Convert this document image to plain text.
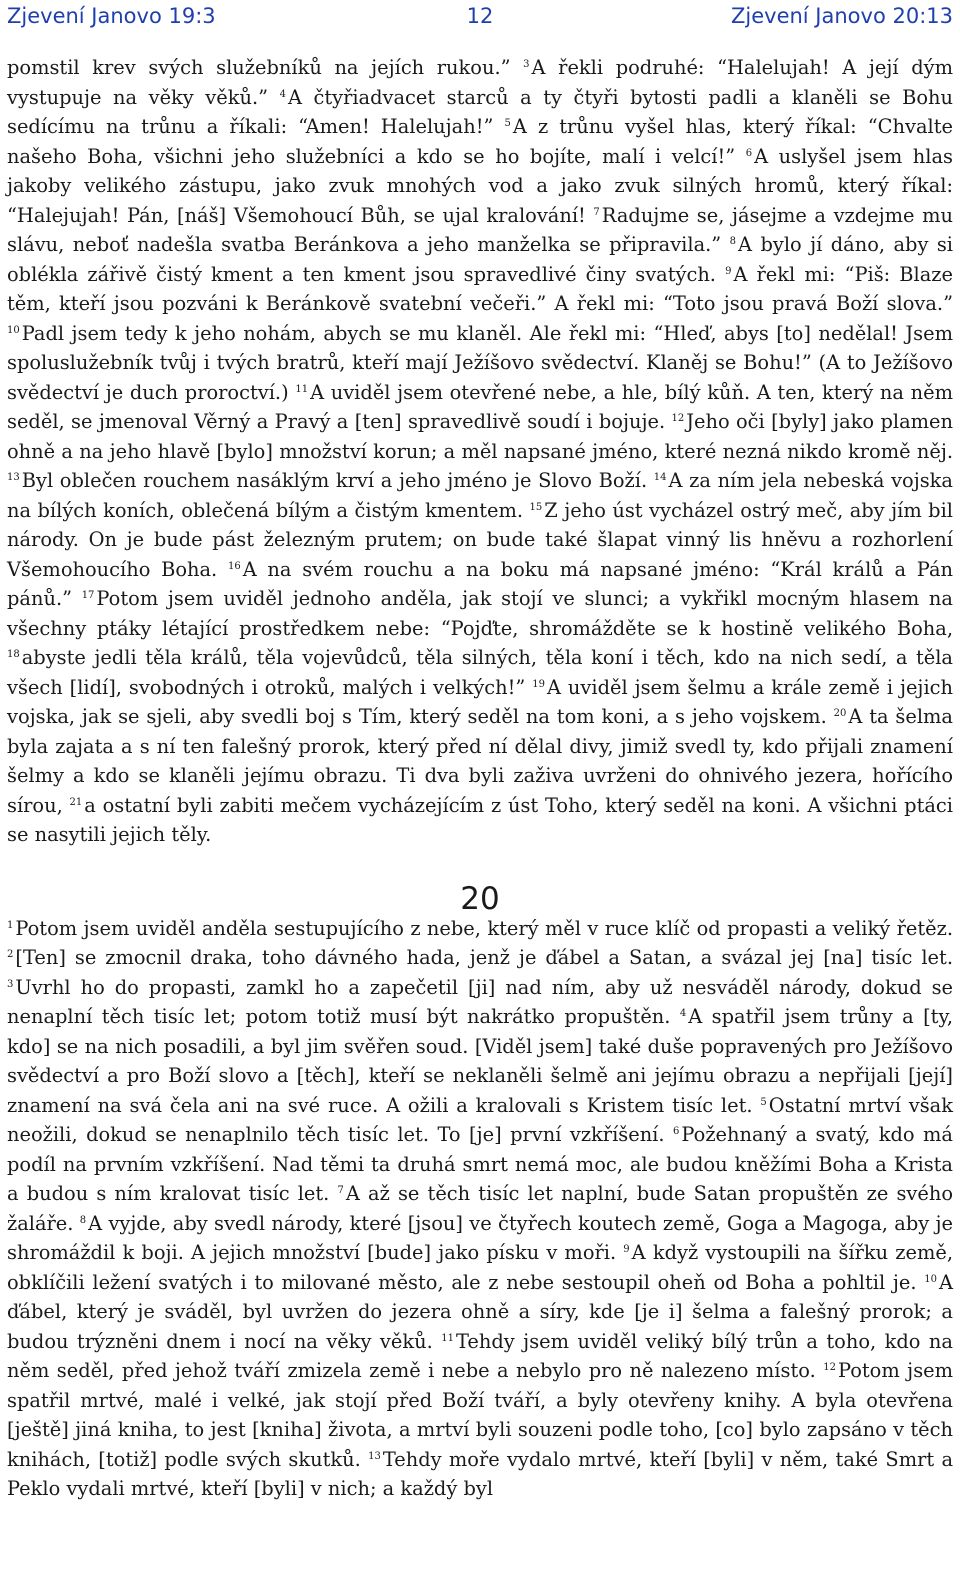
12
Zjevení Janovo 19:3	Zjevení Janovo 20:13
pomstil krev svých služebníků na jejích rukou.” $^3$ A řekli podruhé: “Halelujah! A její dým vystupuje na věky věků.” $^4$ A čtyřiadvacet starců a ty čtyři bytosti padli a klaněli se Bohu sedícímu na trůnu a říkali: “Amen! Halelujah!” $^5$ A z trůnu vyšel hlas, který říkal: “Chvalte našeho Boha, všichni jeho služebníci a kdo se ho bojíte, malí i velcí!” $^6$ A uslyšel jsem hlas jakoby velikého zástupu, jako zvuk mnohých vod a jako zvuk silných hromů, který říkal: “Halejujah! Pán, [náš] Všemohoucí Bůh, se ujal kralování! $^7$ Radujme se, jásejme a vzdejme mu slávu, neboť nadešla svatba Beránkova a jeho manželka se připravila.” $^8$ A bylo jí dáno, aby si oblékla zářivě čistý kment a ten kment jsou spravedlivé činy svatých. $^9$ A řekl mi: “Piš: Blaze těm, kteří jsou pozváni k Beránkově svatební večeři.” A řekl mi: “Toto jsou pravá Boží slova.” $^{10}$ Padl jsem tedy k jeho nohám, abych se mu klaněl. Ale řekl mi: “Hleď, abys [to] nedělal! Jsem spoluslužebník tvůj i tvých bratrů, kteří mají Ježíšovo svědectví. Klaněj se Bohu!” (A to Ježíšovo svědectví je duch proroctví.) $^{11}$ A uviděl jsem otevřené nebe, a hle, bílý kůň. A ten, který na něm seděl, se jmenoval Věrný a Pravý a [ten] spravedlivě soudí i bojuje. $^{12}$ Jeho oči [byly] jako plamen ohně a na jeho hlavě [bylo] množství korun; a měl napsané jméno, které nezná nikdo kromě něj. $^{13}$ Byl oblečen rouchem nasáklým krví a jeho jméno je Slovo Boží. $^{14}$ A za ním jela nebeská vojska na bílých koních, oblečená bílým a čistým kmentem. $^{15}$ Z jeho úst vycházel ostrý meč, aby jím bil národy. On je bude pást železným prutem; on bude také šlapat vinný lis hněvu a rozhorlení Všemohoucího Boha. $^{16}$ A na svém rouchu a na boku má napsané jméno: “Král králů a Pán pánů.” $^{17}$ Potom jsem uviděl jednoho anděla, jak stojí ve slunci; a vykřikl mocným hlasem na všechny ptáky létající prostředkem nebe: “Pojďte, shromážděte se k hostině velikého Boha, $^{18}$ abyste jedli těla králů, těla vojevůdců, těla silných, těla koní i těch, kdo na nich sedí, a těla všech [lidí], svobodných i otroků, malých i velkých!” $^{19}$ A uviděl jsem šelmu a krále země i jejich vojska, jak se sjeli, aby svedli boj s Tím, který seděl na tom koni, a s jeho vojskem. $^{20}$ A ta šelma byla zajata a s ní ten falešný prorok, který před ní dělal divy, jimiž svedl ty, kdo přijali znamení šelmy a kdo se klaněli jejímu obrazu. Ti dva byli zaživa uvrženi do ohnivého jezera, hořícího sírou, $^{21}$ a ostatní byli zabiti mečem vycházejícím z úst Toho, který seděl na koni. A všichni ptáci se nasytili jejich těly.
20
$^1$ Potom jsem uviděl anděla sestupujícího z nebe, který měl v ruce klíč od propasti a veliký řetěz. $^2$ [Ten] se zmocnil draka, toho dávného hada, jenž je ďábel a Satan, a svázal jej [na] tisíc let. $^3$ Uvrhl ho do propasti, zamkl ho a zapečetil [ji] nad ním, aby už nesváděl národy, dokud se nenaplní těch tisíc let; potom totiž musí být nakrátko propuštěn. $^4$ A spatřil jsem trůny a [ty, kdo] se na nich posadili, a byl jim svěřen soud. [Viděl jsem] také duše popravených pro Ježíšovo svědectví a pro Boží slovo a [těch], kteří se neklaněli šelmě ani jejímu obrazu a nepřijali [její] znamení na svá čela ani na své ruce. A ožili a kralovali s Kristem tisíc let. $^5$ Ostatní mrtví však neožili, dokud se nenaplnilo těch tisíc let. To [je] první vzkříšení. $^6$ Požehnaný a svatý, kdo má podíl na prvním vzkříšení. Nad těmi ta druhá smrt nemá moc, ale budou kněžími Boha a Krista a budou s ním kralovat tisíc let. $^7$ A až se těch tisíc let naplní, bude Satan propuštěn ze svého žaláře. $^8$ A vyjde, aby svedl národy, které [jsou] ve čtyřech koutech země, Goga a Magoga, aby je shromáždil k boji. A jejich množství [bude] jako písku v moři. $^9$ A když vystoupili na šířku země, obklíčili ležení svatých i to milované město, ale z nebe sestoupil oheň od Boha a pohltil je. $^{10}$ A ďábel, který je sváděl, byl uvržen do jezera ohně a síry, kde [je i] šelma a falešný prorok; a budou trýzněni dnem i nocí na věky věků. $^{11}$ Tehdy jsem uviděl veliký bílý trůn a toho, kdo na něm seděl, před jehož tváří zmizela země i nebe a nebylo pro ně nalezeno místo. $^{12}$ Potom jsem spatřil mrtvé, malé i velké, jak stojí před Boží tváří, a byly otevřeny knihy. A byla otevřena [ještě] jiná kniha, to jest [kniha] života, a mrtví byli souzeni podle toho, [co] bylo zapsáno v těch knihách, [totiž] podle svých skutků. $^{13}$ Tehdy moře vydalo mrtvé, kteří [byli] v něm, také Smrt a Peklo vydali mrtvé, kteří [byli] v nich; a každý byl
